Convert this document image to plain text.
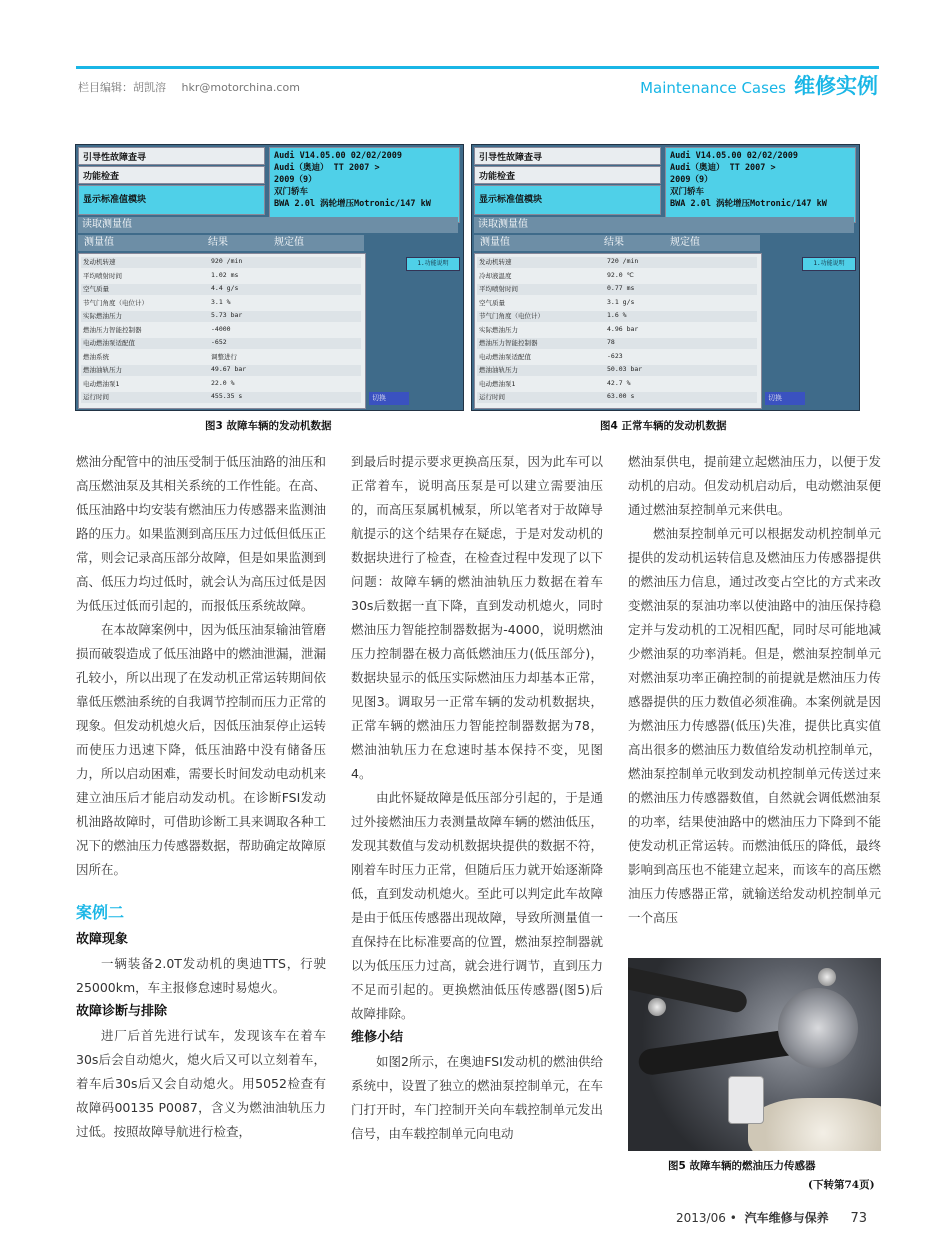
栏目编辑：胡凯溶 hkr@motorchina.com	Maintenance Cases 维修实例
引导性故障查寻
功能检查
显示标准值模块
Audi V14.05.00 02/02/2009
Audi（奥迪） TT 2007 >
2009（9）
双门轿车
BWA 2.0l 涡轮增压Motronic/147 kW
读取测量值
测量值	结果	规定值
发动机转速	920 /min
平均喷射时间	1.02 ms
空气质量	4.4 g/s
节气门角度（电位计）	3.1 %
实际燃油压力	5.73 bar
燃油压力智能控制器	-4000
电动燃油泵适配值	-652
燃油系统	调整进行
燃油油轨压力	49.67 bar
电动燃油泵1	22.0 %
运行时间	455.35 s
1.功能说明
切换
引导性故障查寻
功能检查
显示标准值模块
Audi V14.05.00 02/02/2009
Audi（奥迪） TT 2007 >
2009（9）
双门轿车
BWA 2.0l 涡轮增压Motronic/147 kW
读取测量值
测量值	结果	规定值
发动机转速	720 /min
冷却液温度	92.0 ℃
平均喷射时间	0.77 ms
空气质量	3.1 g/s
节气门角度（电位计）	1.6 %
实际燃油压力	4.96 bar
燃油压力智能控制器	78
电动燃油泵适配值	-623
燃油油轨压力	50.03 bar
电动燃油泵1	42.7 %
运行时间	63.00 s
1.功能说明
切换
图3 故障车辆的发动机数据	图4 正常车辆的发动机数据

燃油分配管中的油压受制于低压油路的油压和高压燃油泵及其相关系统的工作性能。在高、低压油路中均安装有燃油压力传感器来监测油路的压力。如果监测到高压压力过低但低压正常，则会记录高压部分故障，但是如果监测到高、低压力均过低时，就会认为高压过低是因为低压过低而引起的，而报低压系统故障。

在本故障案例中，因为低压油泵输油管磨损而破裂造成了低压油路中的燃油泄漏，泄漏孔较小，所以出现了在发动机正常运转期间依靠低压燃油系统的自我调节控制而压力正常的现象。但发动机熄火后，因低压油泵停止运转而使压力迅速下降，低压油路中没有储备压力，所以启动困难，需要长时间发动电动机来建立油压后才能启动发动机。在诊断FSI发动机油路故障时，可借助诊断工具来调取各种工况下的燃油压力传感器数据，帮助确定故障原因所在。

案例二
故障现象

一辆装备2.0T发动机的奥迪TTS，行驶25000km，车主报修怠速时易熄火。

故障诊断与排除

进厂后首先进行试车，发现该车在着车30s后会自动熄火，熄火后又可以立刻着车，着车后30s后又会自动熄火。用5052检查有故障码00135 P0087，含义为燃油油轨压力过低。按照故障导航进行检查，

到最后时提示要求更换高压泵，因为此车可以正常着车，说明高压泵是可以建立需要油压的，而高压泵属机械泵，所以笔者对于故障导航提示的这个结果存在疑虑，于是对发动机的数据块进行了检查，在检查过程中发现了以下问题：故障车辆的燃油油轨压力数据在着车30s后数据一直下降，直到发动机熄火，同时燃油压力智能控制器数据为-4000，说明燃油压力控制器在极力高低燃油压力(低压部分)，数据块显示的低压实际燃油压力却基本正常，见图3。调取另一正常车辆的发动机数据块，正常车辆的燃油压力智能控制器数据为78，燃油油轨压力在怠速时基本保持不变，见图4。

由此怀疑故障是低压部分引起的，于是通过外接燃油压力表测量故障车辆的燃油低压，发现其数值与发动机数据块提供的数据不符，刚着车时压力正常，但随后压力就开始逐渐降低，直到发动机熄火。至此可以判定此车故障是由于低压传感器出现故障，导致所测量值一直保持在比标准要高的位置，燃油泵控制器就以为低压压力过高，就会进行调节，直到压力不足而引起的。更换燃油低压传感器(图5)后故障排除。

维修小结

如图2所示，在奥迪FSI发动机的燃油供给系统中，设置了独立的燃油泵控制单元，在车门打开时，车门控制开关向车载控制单元发出信号，由车载控制单元向电动

燃油泵供电，提前建立起燃油压力，以便于发动机的启动。但发动机启动后，电动燃油泵便通过燃油泵控制单元来供电。

燃油泵控制单元可以根据发动机控制单元提供的发动机运转信息及燃油压力传感器提供的燃油压力信息，通过改变占空比的方式来改变燃油泵的泵油功率以使油路中的油压保持稳定并与发动机的工况相匹配，同时尽可能地减少燃油泵的功率消耗。但是，燃油泵控制单元对燃油泵功率正确控制的前提就是燃油压力传感器提供的压力数值必须准确。本案例就是因为燃油压力传感器(低压)失准，提供比真实值高出很多的燃油压力数值给发动机控制单元，燃油泵控制单元收到发动机控制单元传送过来的燃油压力传感器数值，自然就会调低燃油泵的功率，结果使油路中的燃油压力下降到不能使发动机正常运转。而燃油低压的降低，最终影响到高压也不能建立起来，而该车的高压燃油压力传感器正常，就输送给发动机控制单元一个高压

图5 故障车辆的燃油压力传感器
(下转第74页)
2013/06 • 汽车维修与保养 73
